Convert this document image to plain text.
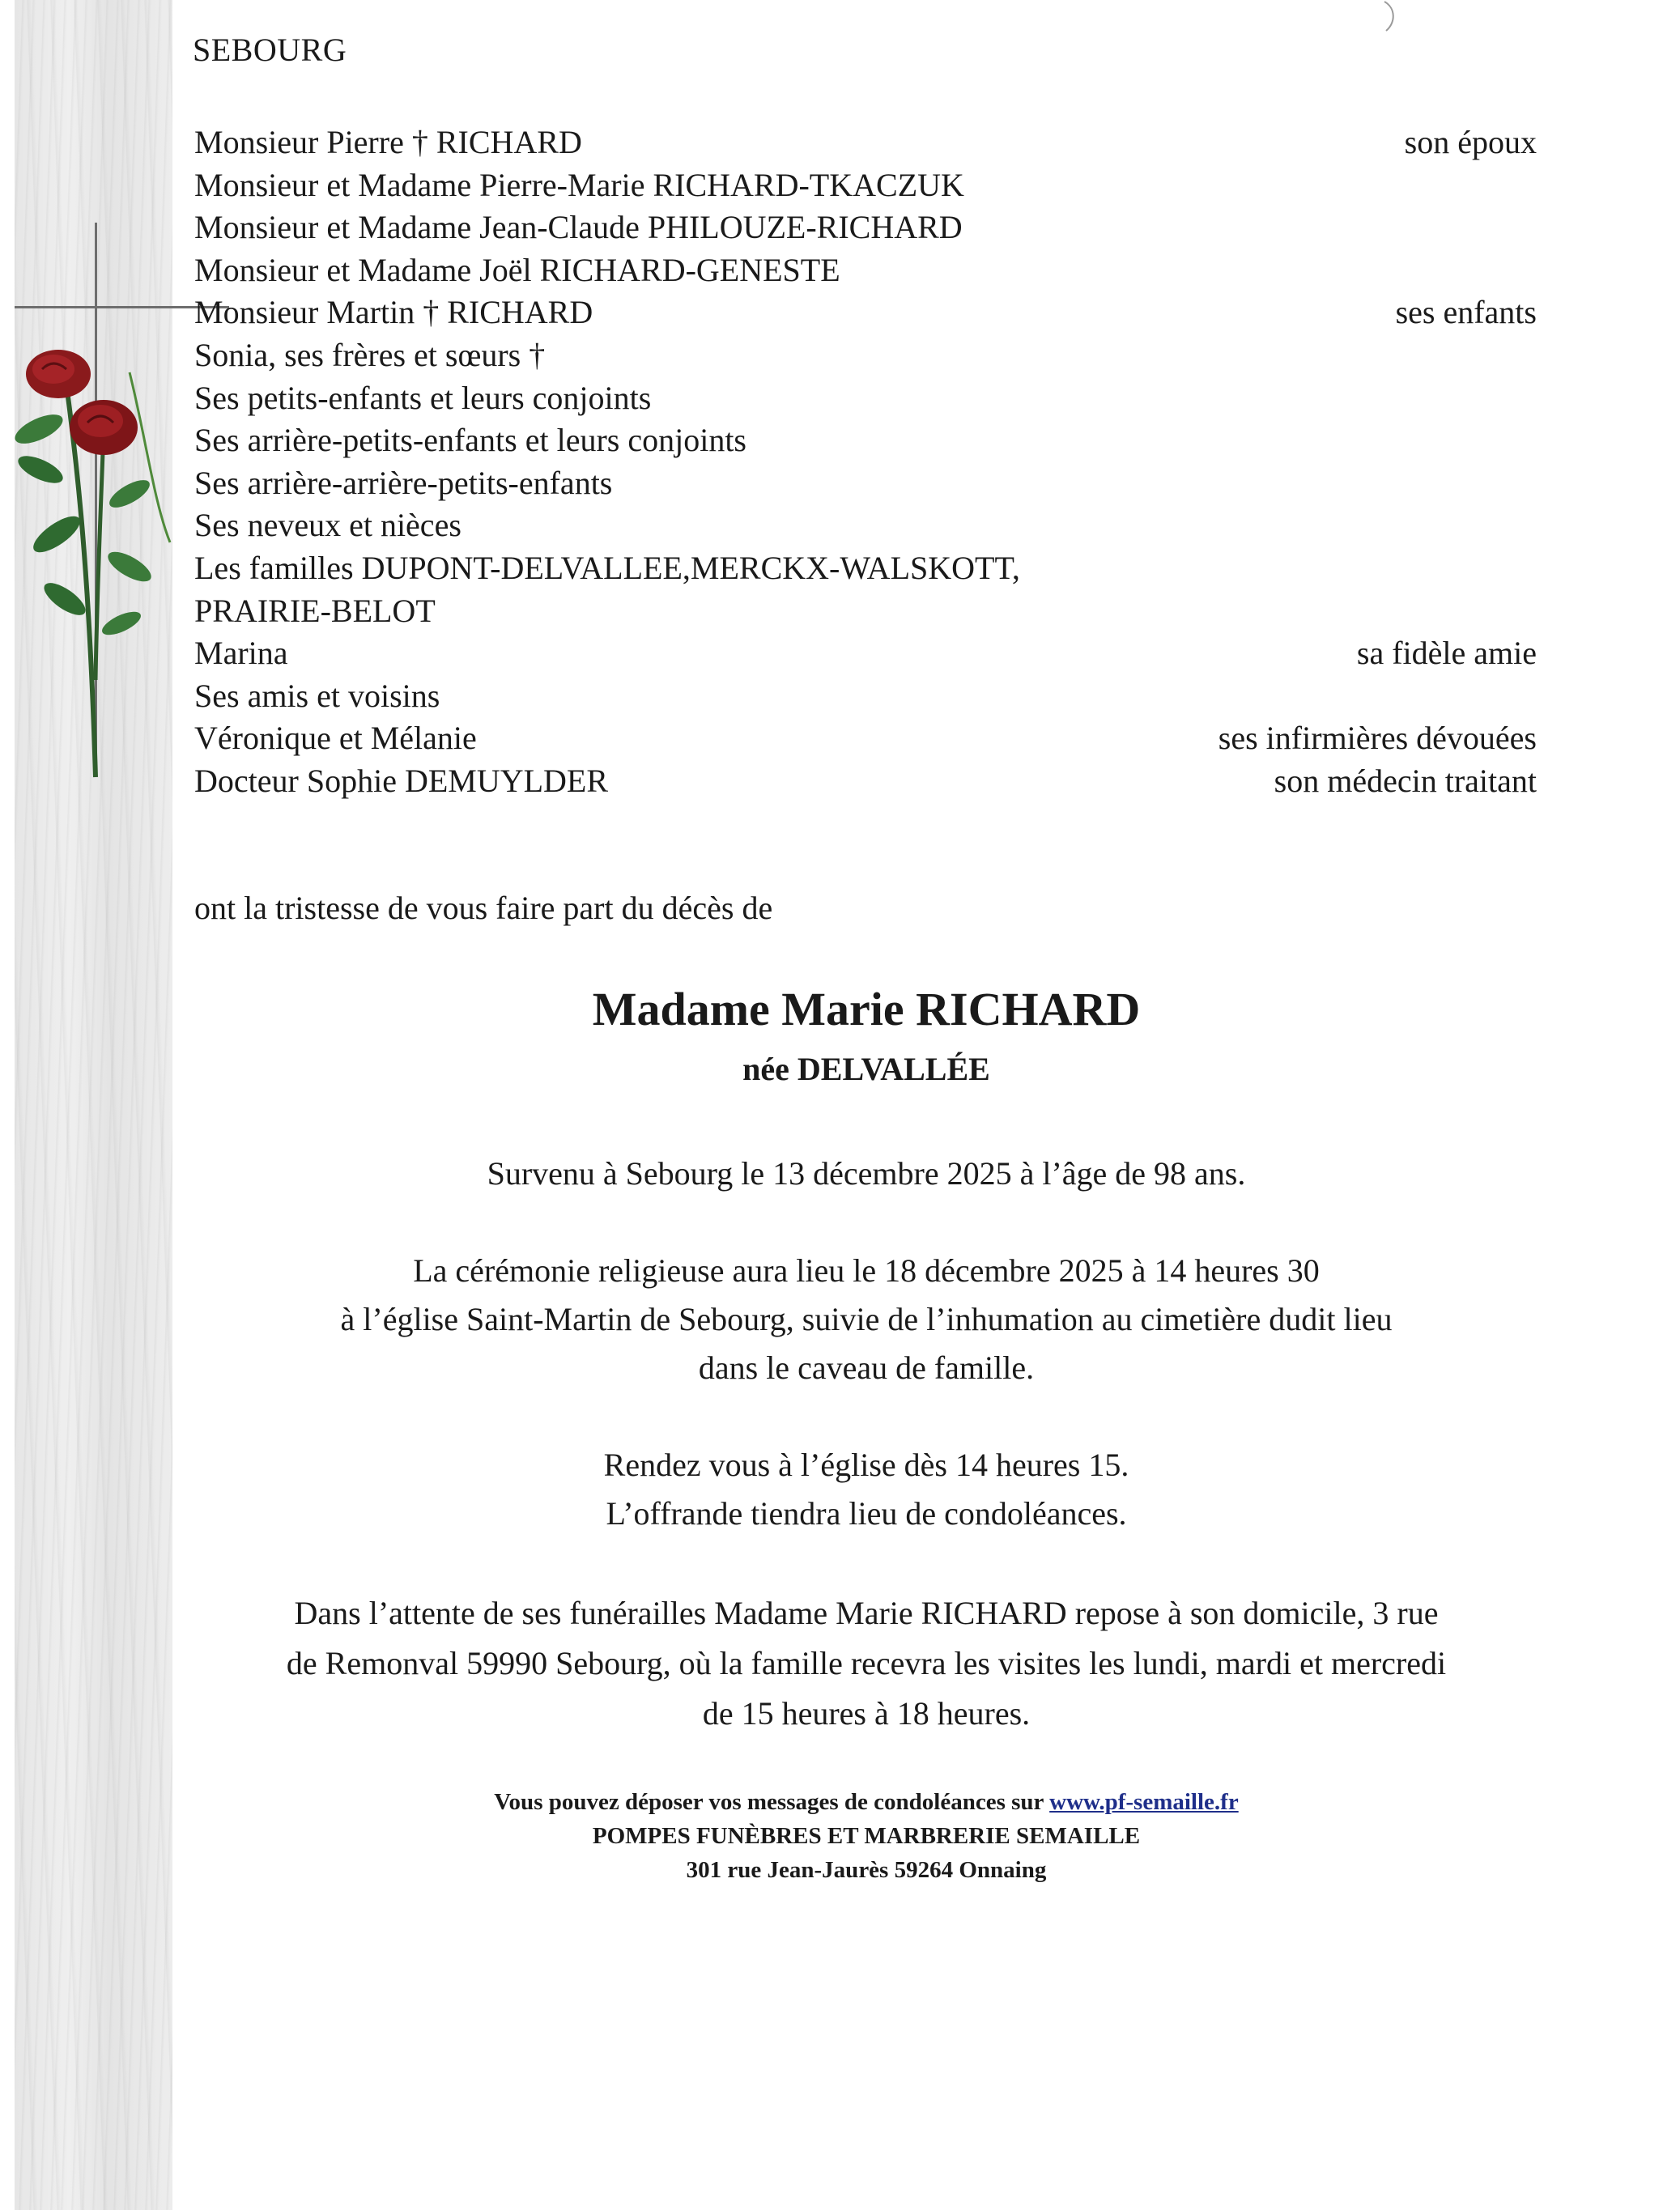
SEBOURG
Monsieur Pierre † RICHARD	son époux
Monsieur et Madame Pierre-Marie RICHARD-TKACZUK
Monsieur et Madame Jean-Claude PHILOUZE-RICHARD
Monsieur et Madame Joël RICHARD-GENESTE
Monsieur Martin † RICHARD	ses enfants
Sonia, ses frères et sœurs †
Ses petits-enfants et leurs conjoints
Ses arrière-petits-enfants et leurs conjoints
Ses arrière-arrière-petits-enfants
Ses neveux et nièces
Les familles DUPONT-DELVALLEE,MERCKX-WALSKOTT,
PRAIRIE-BELOT
Marina	sa fidèle amie
Ses amis et voisins
Véronique et Mélanie	ses infirmières dévouées
Docteur Sophie DEMUYLDER	son médecin traitant
ont la tristesse de vous faire part du décès de
Madame Marie RICHARD
née DELVALLÉE
Survenu à Sebourg le 13 décembre 2025 à l’âge de 98 ans.
La cérémonie religieuse aura lieu le 18 décembre 2025 à 14 heures 30
à l’église Saint-Martin de Sebourg, suivie de l’inhumation au cimetière dudit lieu
dans le caveau de famille.
Rendez vous à l’église dès 14 heures 15.
L’offrande tiendra lieu de condoléances.
Dans l’attente de ses funérailles Madame Marie RICHARD repose à son domicile, 3 rue
de Remonval 59990 Sebourg, où la famille recevra les visites les lundi, mardi et mercredi
de 15 heures à 18 heures.
Vous pouvez déposer vos messages de condoléances sur www.pf-semaille.fr
POMPES FUNÈBRES ET MARBRERIE SEMAILLE
301 rue Jean-Jaurès 59264 Onnaing
